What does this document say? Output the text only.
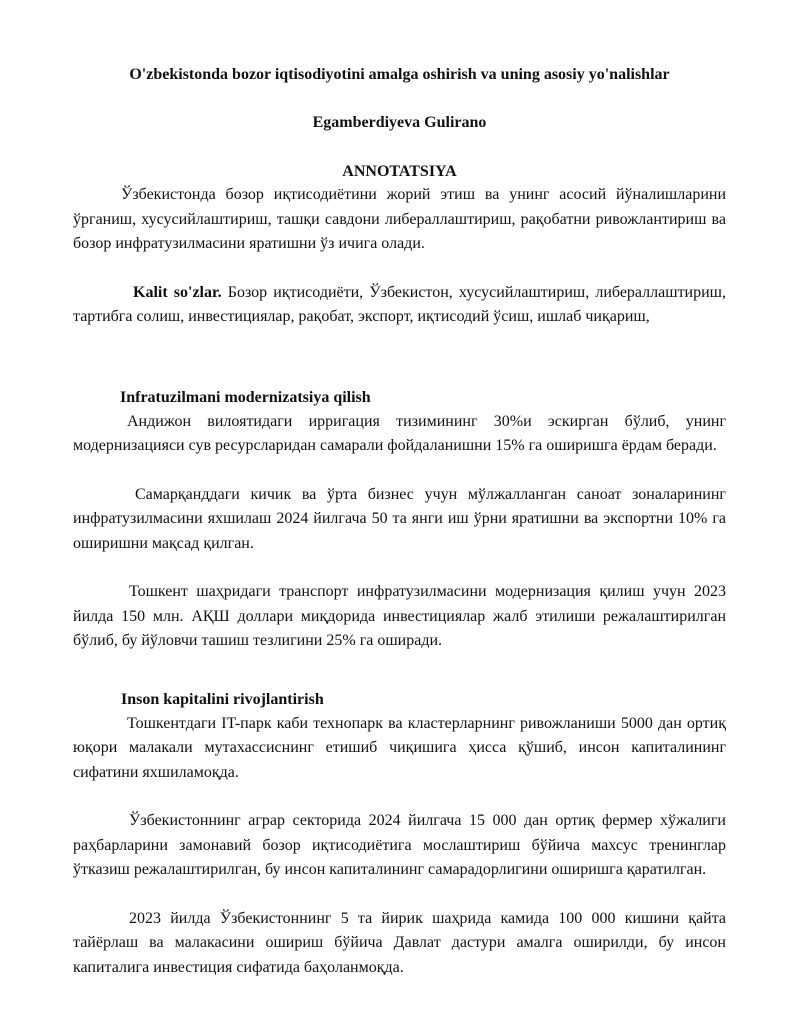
O'zbekistonda bozor iqtisodiyotini amalga oshirish va uning asosiy yo'nalishlar
Egamberdiyeva Gulirano
ANNOTATSIYA

Ўзбекистонда бозор иқтисодиётини жорий этиш ва унинг асосий йўналишларини ўрганиш, хусусийлаштириш, ташқи савдони либераллаштириш, рақобатни ривожлантириш ва бозор инфратузилмасини яратишни ўз ичига олади.

Kalit so'zlar. Бозор иқтисодиёти, Ўзбекистон, хусусийлаштириш, либераллаштириш, тартибга солиш, инвестициялар, рақобат, экспорт, иқтисодий ўсиш, ишлаб чиқариш,

Infratuzilmani modernizatsiya qilish

Андижон вилоятидаги ирригация тизимининг 30%и эскирган бўлиб, унинг модернизацияси сув ресурсларидан самарали фойдаланишни 15% га оширишга ёрдам беради.

Самарқанддаги кичик ва ўрта бизнес учун мўлжалланган саноат зоналарининг инфратузилмасини яхшилаш 2024 йилгача 50 та янги иш ўрни яратишни ва экспортни 10% га оширишни мақсад қилган.

Тошкент шаҳридаги транспорт инфратузилмасини модернизация қилиш учун 2023 йилда 150 млн. АҚШ доллари миқдорида инвестициялар жалб этилиши режалаштирилган бўлиб, бу йўловчи ташиш тезлигини 25% га оширади.

Inson kapitalini rivojlantirish

Тошкентдаги IT-парк каби технопарк ва кластерларнинг ривожланиши 5000 дан ортиқ юқори малакали мутахассиснинг етишиб чиқишига ҳисса қўшиб, инсон капиталининг сифатини яхшиламоқда.

Ўзбекистоннинг аграр секторида 2024 йилгача 15 000 дан ортиқ фермер хўжалиги раҳбарларини замонавий бозор иқтисодиётига мослаштириш бўйича махсус тренинглар ўтказиш режалаштирилган, бу инсон капиталининг самарадорлигини оширишга қаратилган.

2023 йилда Ўзбекистоннинг 5 та йирик шаҳрида камида 100 000 кишини қайта тайёрлаш ва малакасини ошириш бўйича Давлат дастури амалга оширилди, бу инсон капиталига инвестиция сифатида баҳоланмоқда.
